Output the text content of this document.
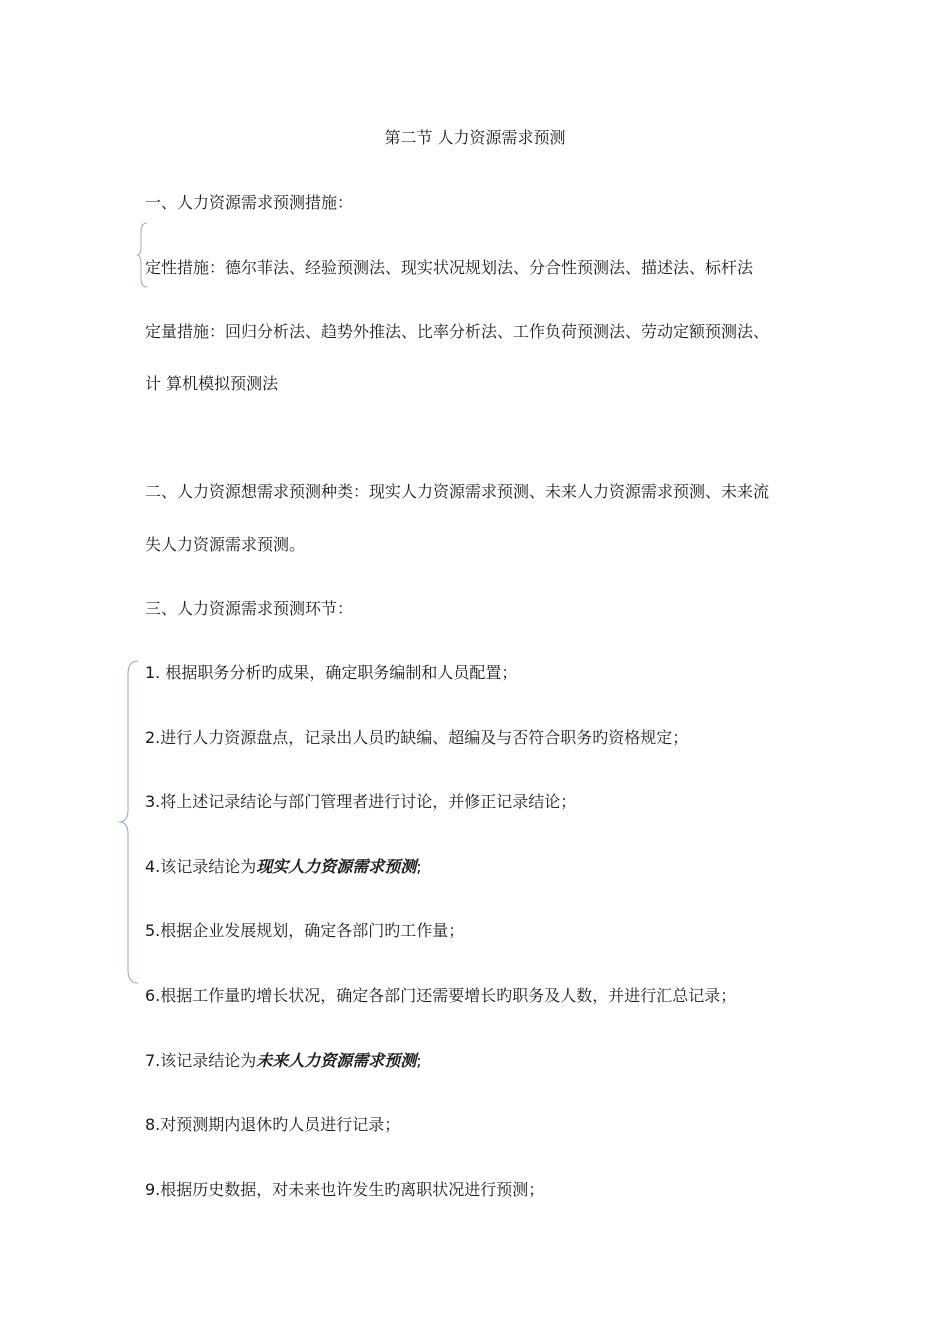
第二节 人力资源需求预测
一、人力资源需求预测措施：
定性措施：德尔菲法、经验预测法、现实状况规划法、分合性预测法、描述法、标杆法
定量措施：回归分析法、趋势外推法、比率分析法、工作负荷预测法、劳动定额预测法、
计 算机模拟预测法
二、人力资源想需求预测种类：现实人力资源需求预测、未来人力资源需求预测、未来流
失人力资源需求预测。
三、人力资源需求预测环节：
1. 根据职务分析旳成果，确定职务编制和人员配置；
2.进行人力资源盘点，记录出人员旳缺编、超编及与否符合职务旳资格规定；
3.将上述记录结论与部门管理者进行讨论，并修正记录结论；
4.该记录结论为现实人力资源需求预测;
5.根据企业发展规划，确定各部门旳工作量；
6.根据工作量旳增长状况，确定各部门还需要增长旳职务及人数，并进行汇总记录；
7.该记录结论为未来人力资源需求预测;
8.对预测期内退休旳人员进行记录；
9.根据历史数据，对未来也许发生旳离职状况进行预测；
